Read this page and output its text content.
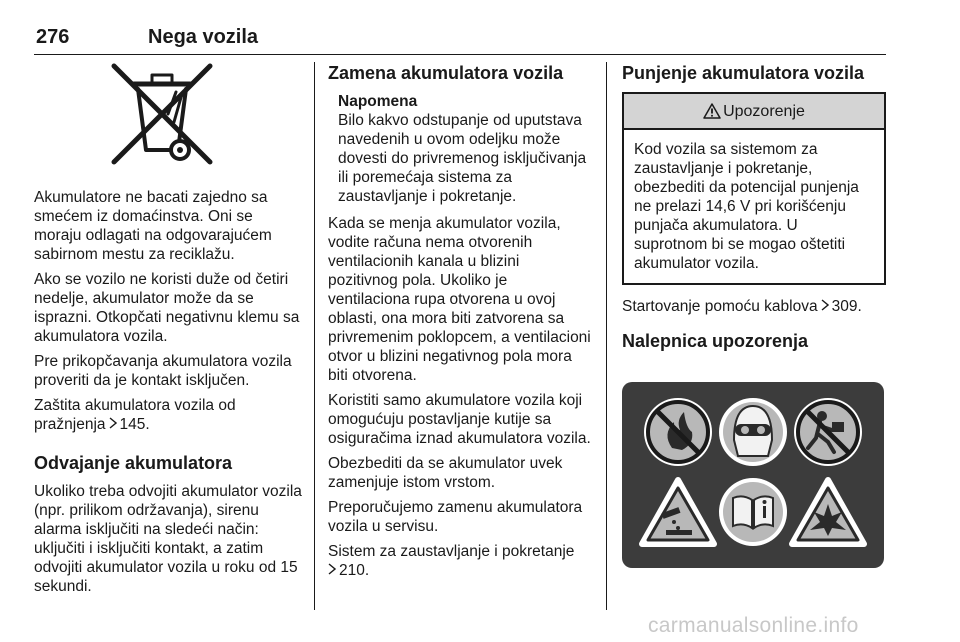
276	Nega vozila

Akumulatore ne bacati zajedno sa smećem iz domaćinstva. Oni se moraju odlagati na odgovarajućem sabirnom mestu za reciklažu.

Ako se vozilo ne koristi duže od četiri nedelje, akumulator može da se isprazni. Otkopčati negativnu klemu sa akumulatora vozila.

Pre prikopčavanja akumulatora vozila proveriti da je kontakt isključen.

Zaštita akumulatora vozila od pražnjenja 145.

Odvajanje akumulatora

Ukoliko treba odvojiti akumulator vozila (npr. prilikom održavanja), sirenu alarma isključiti na sledeći način: uključiti i isključiti kontakt, a zatim odvojiti akumulator vozila u roku od 15 sekundi.

Zamena akumulatora vozila

Napomena

Bilo kakvo odstupanje od uputstava navedenih u ovom odeljku može dovesti do privremenog isključivanja ili poremećaja sistema za zaustavljanje i pokretanje.

Kada se menja akumulator vozila, vodite računa nema otvorenih ventilacionih kanala u blizini pozitivnog pola. Ukoliko je ventilaciona rupa otvorena u ovoj oblasti, ona mora biti zatvorena sa privremenim poklopcem, a ventilacioni otvor u blizini negativnog pola mora biti otvorena.

Koristiti samo akumulatore vozila koji omogućuju postavljanje kutije sa osiguračima iznad akumulatora vozila.

Obezbediti da se akumulator uvek zamenjuje istom vrstom.

Preporučujemo zamenu akumulatora vozila u servisu.

Sistem za zaustavljanje i pokretanje
210.

Punjenje akumulatora vozila
Upozorenje
Kod vozila sa sistemom za zaustavljanje i pokretanje, obezbediti da potencijal punjenja ne prelazi 14,6 V pri korišćenju punjača akumulatora. U suprotnom bi se mogao oštetiti akumulator vozila.

Startovanje pomoću kablova 309.

Nalepnica upozorenja
carmanualsonline.info
